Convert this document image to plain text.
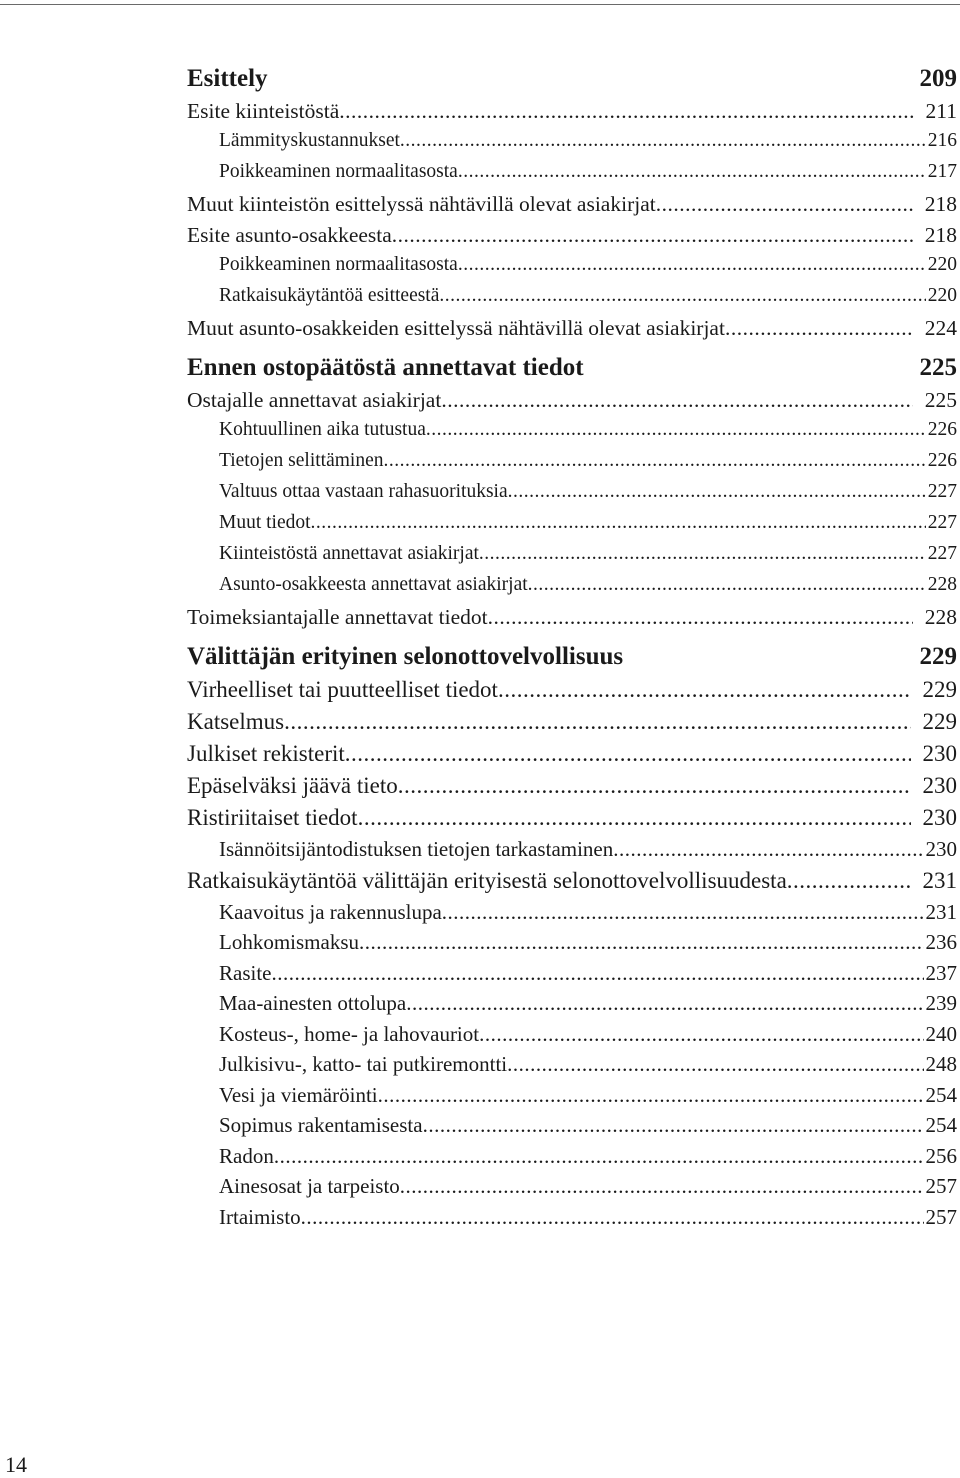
Esittely	209
Esite kiinteistöstä .....	211
Lämmityskustannukset .....	216
Poikkeaminen normaalitasosta .....	217
Muut kiinteistön esittelyssä nähtävillä olevat asiakirjat .....	218
Esite asunto-osakkeesta .....	218
Poikkeaminen normaalitasosta .....	220
Ratkaisukäytäntöä esitteestä .....	220
Muut asunto-osakkeiden esittelyssä nähtävillä olevat asiakirjat .....	224
Ennen ostopäätöstä annettavat tiedot	225
Ostajalle annettavat asiakirjat .....	225
Kohtuullinen aika tutustua .....	226
Tietojen selittäminen .....	226
Valtuus ottaa vastaan rahasuorituksia .....	227
Muut tiedot .....	227
Kiinteistöstä annettavat asiakirjat .....	227
Asunto-osakkeesta annettavat asiakirjat .....	228
Toimeksiantajalle annettavat tiedot .....	228
Välittäjän erityinen selonottovelvollisuus	229
Virheelliset tai puutteelliset tiedot .....	229
Katselmus .....	229
Julkiset rekisterit .....	230
Epäselväksi jäävä tieto .....	230
Ristiriitaiset tiedot .....	230
Isännöitsijäntodistuksen tietojen tarkastaminen .....	230
Ratkaisukäytäntöä välittäjän erityisestä selonottovelvollisuudesta .....	231
Kaavoitus ja rakennuslupa .....	231
Lohkomismaksu .....	236
Rasite .....	237
Maa-ainesten ottolupa .....	239
Kosteus-, home- ja lahovauriot .....	240
Julkisivu-, katto- tai putkiremontti .....	248
Vesi ja viemäröinti .....	254
Sopimus rakentamisesta .....	254
Radon .....	256
Ainesosat ja tarpeisto .....	257
Irtaimisto .....	257
14
